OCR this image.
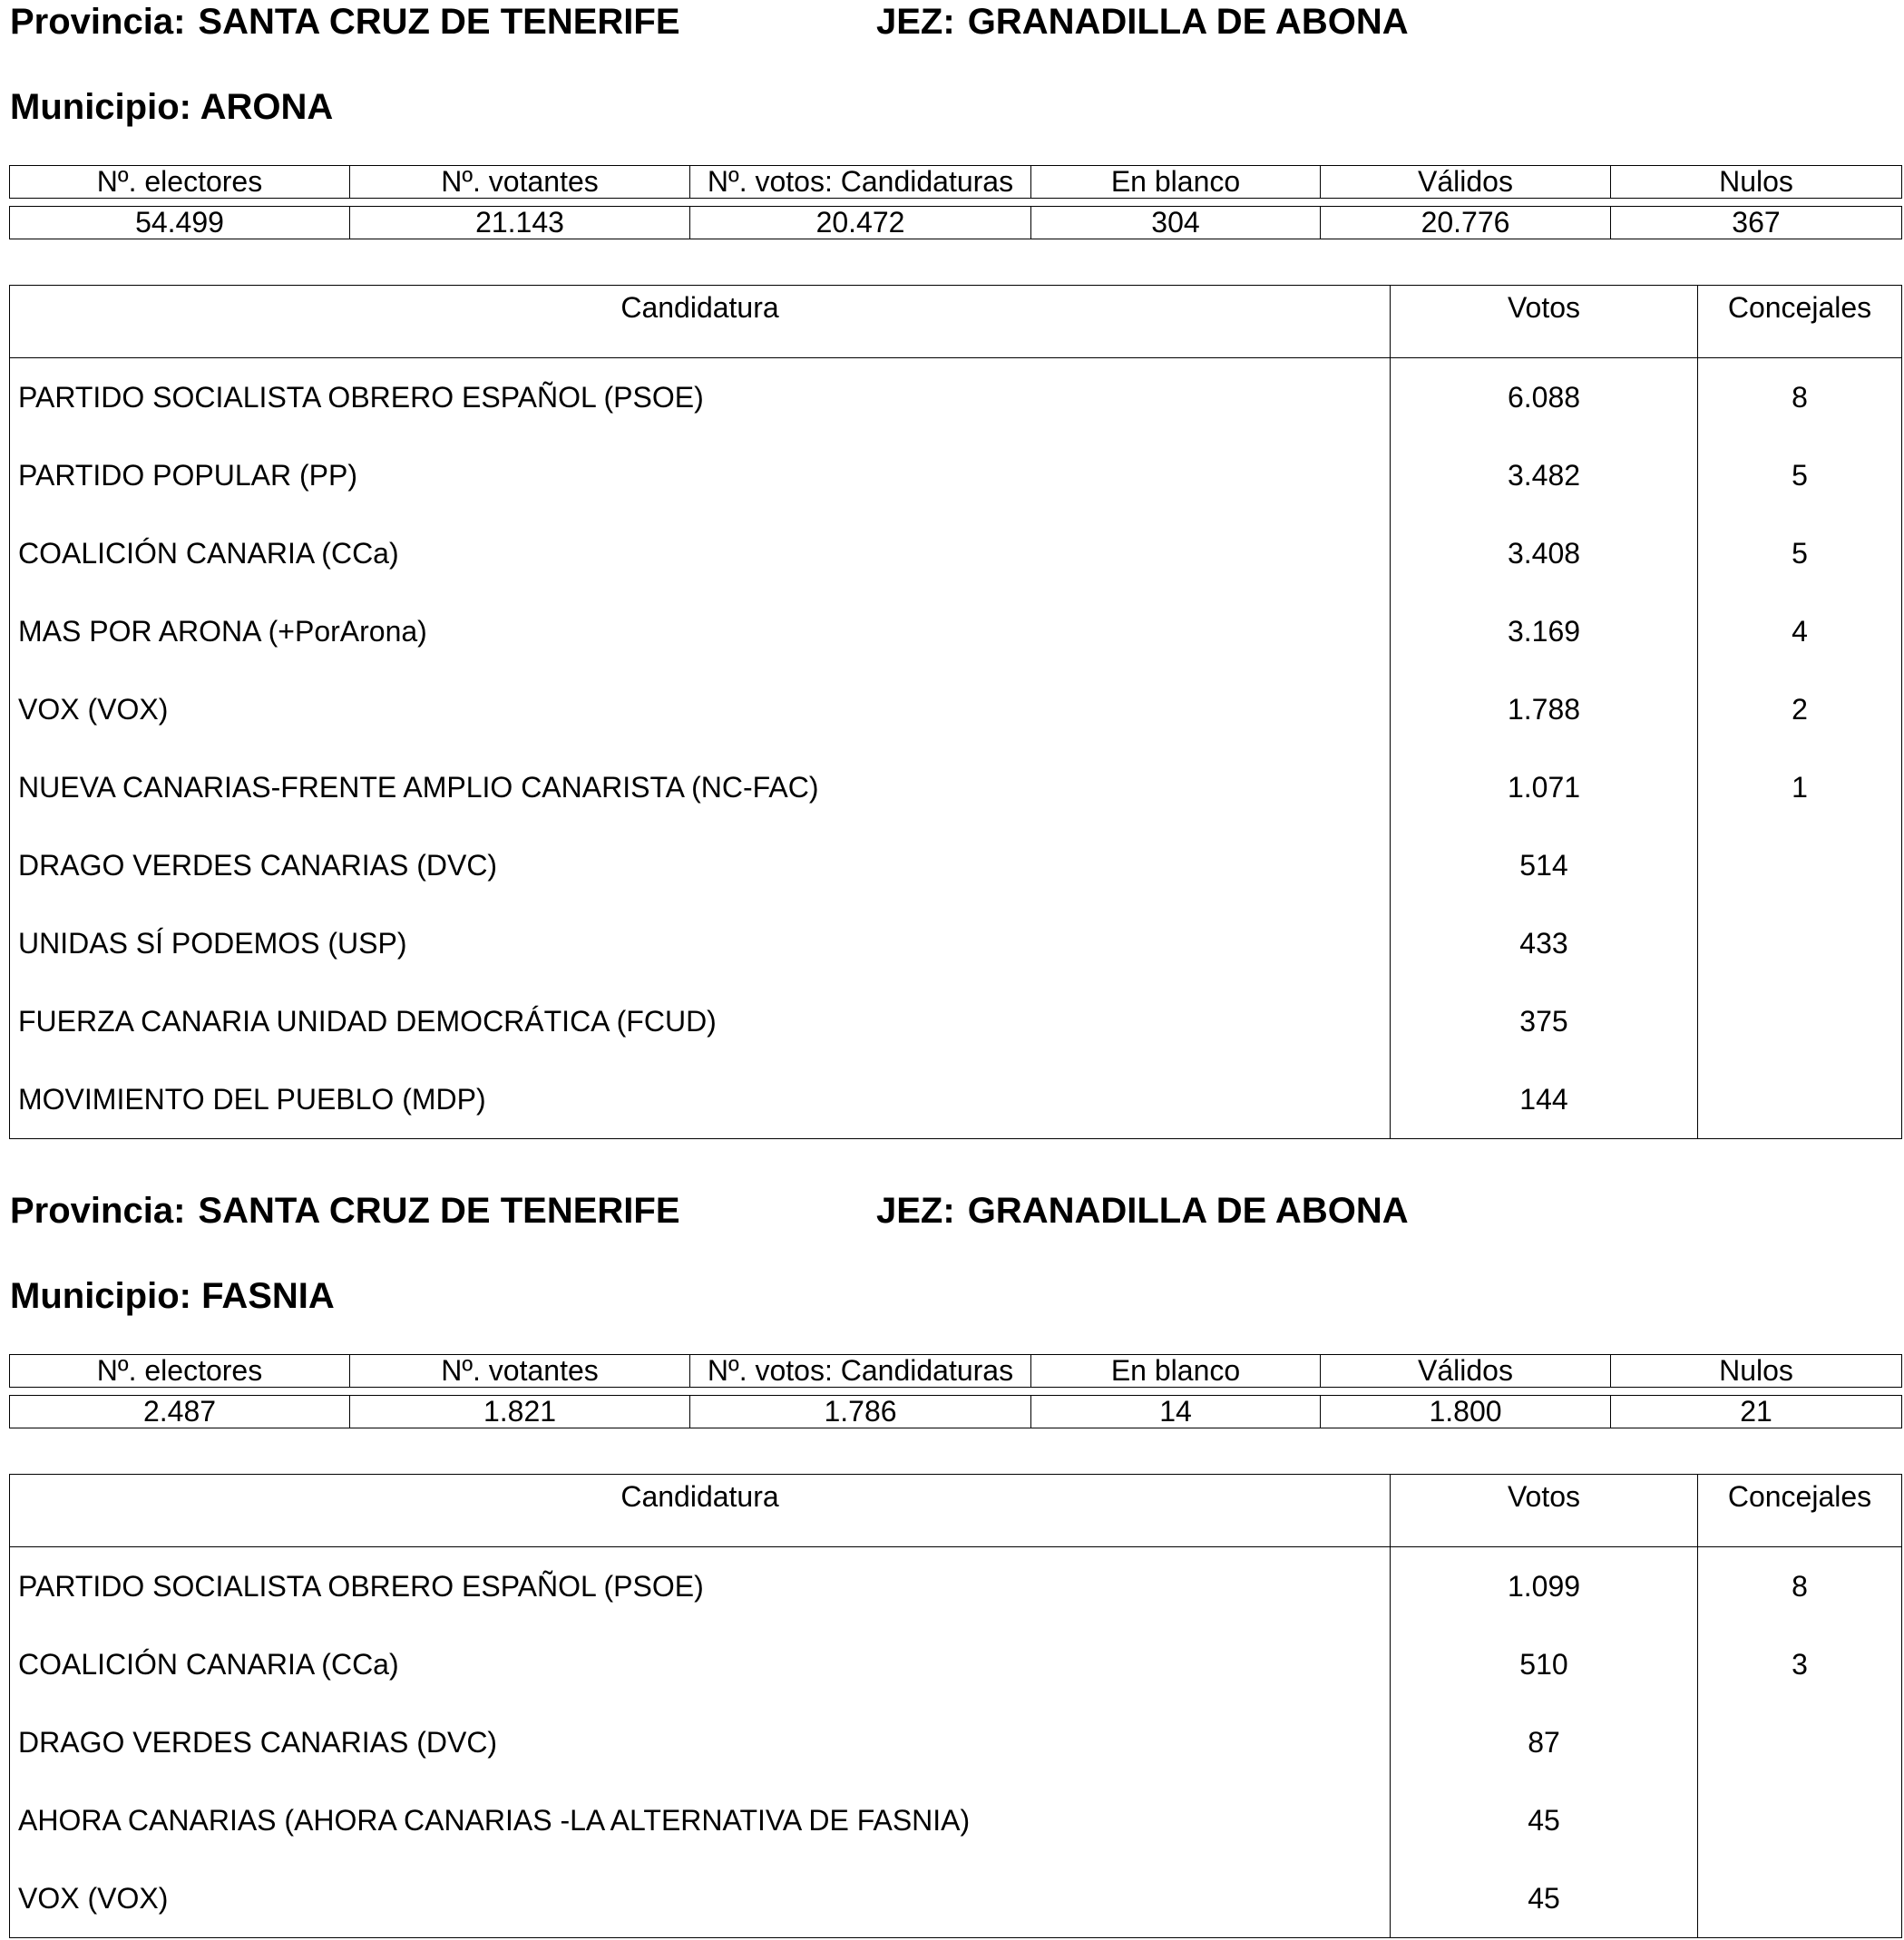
Provincia: SANTA CRUZ DE TENERIFE	JEZ: GRANADILLA DE ABONA
Municipio: ARONA
Nº. electores	Nº. votantes	Nº. votos: Candidaturas	En blanco	Válidos	Nulos

54.499	21.143	20.472	304	20.776	367
Candidatura	Votos	Concejales
PARTIDO SOCIALISTA OBRERO ESPAÑOL (PSOE)	6.088	8
PARTIDO POPULAR (PP)	3.482	5
COALICIÓN CANARIA (CCa)	3.408	5
MAS POR ARONA (+PorArona)	3.169	4
VOX (VOX)	1.788	2
NUEVA CANARIAS-FRENTE AMPLIO CANARISTA (NC-FAC)	1.071	1
DRAGO VERDES CANARIAS (DVC)	514	
UNIDAS SÍ PODEMOS (USP)	433	
FUERZA CANARIA UNIDAD DEMOCRÁTICA (FCUD)	375	
MOVIMIENTO DEL PUEBLO (MDP)	144	
Provincia: SANTA CRUZ DE TENERIFE	JEZ: GRANADILLA DE ABONA
Municipio: FASNIA
Nº. electores	Nº. votantes	Nº. votos: Candidaturas	En blanco	Válidos	Nulos

2.487	1.821	1.786	14	1.800	21
Candidatura	Votos	Concejales
PARTIDO SOCIALISTA OBRERO ESPAÑOL (PSOE)	1.099	8
COALICIÓN CANARIA (CCa)	510	3
DRAGO VERDES CANARIAS (DVC)	87	
AHORA CANARIAS (AHORA CANARIAS -LA ALTERNATIVA DE FASNIA)	45	
VOX (VOX)	45	
